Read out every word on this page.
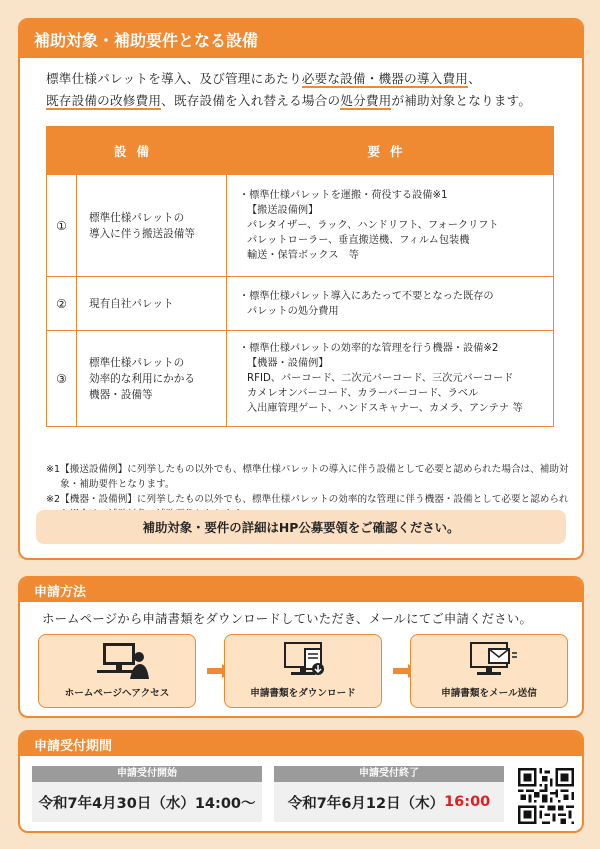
補助対象・補助要件となる設備
標準仕様パレットを導入、及び管理にあたり必要な設備・機器の導入費用、
既存設備の改修費用、既存設備を入れ替える場合の処分費用が補助対象となります。
設備		要件
①	標準仕様パレットの
導入に伴う搬送設備等	・標準仕様パレットを運搬・荷役する設備※1
【搬送設備例】
パレタイザー、ラック、ハンドリフト、フォークリフト
パレットローラー、垂直搬送機、フィルム包装機
輸送・保管ボックス　等

②	現有自社パレット	・標準仕様パレット導入にあたって不要となった既存の
パレットの処分費用

③	標準仕様パレットの
効率的な利用にかかる
機器・設備等	・標準仕様パレットの効率的な管理を行う機器・設備※2
【機器・設備例】
RFID、バーコード、二次元バーコード、三次元バーコード
カメレオンバーコード、カラーバーコード、ラベル
入出庫管理ゲート、ハンドスキャナー、カメラ、アンテナ 等
※1 【搬送設備例】に列挙したもの以外でも、標準仕様パレットの導入に伴う設備として必要と認められた場合は、補助対象・補助要件となります。
※2 【機器・設備例】に列挙したもの以外でも、標準仕様パレットの効率的な管理に伴う機器・設備として必要と認められ
補助対象・要件の詳細はHP公募要領をご確認ください。
申請方法
ホームページから申請書類をダウンロードしていただき、メールにてご申請ください。
ホームページへアクセス	申請書類をダウンロード	申請書類をメール送信
申請受付期間
申請受付開始
令和7年4月30日（水）14:00〜
申請受付終了
令和7年6月12日（木） 16:00
